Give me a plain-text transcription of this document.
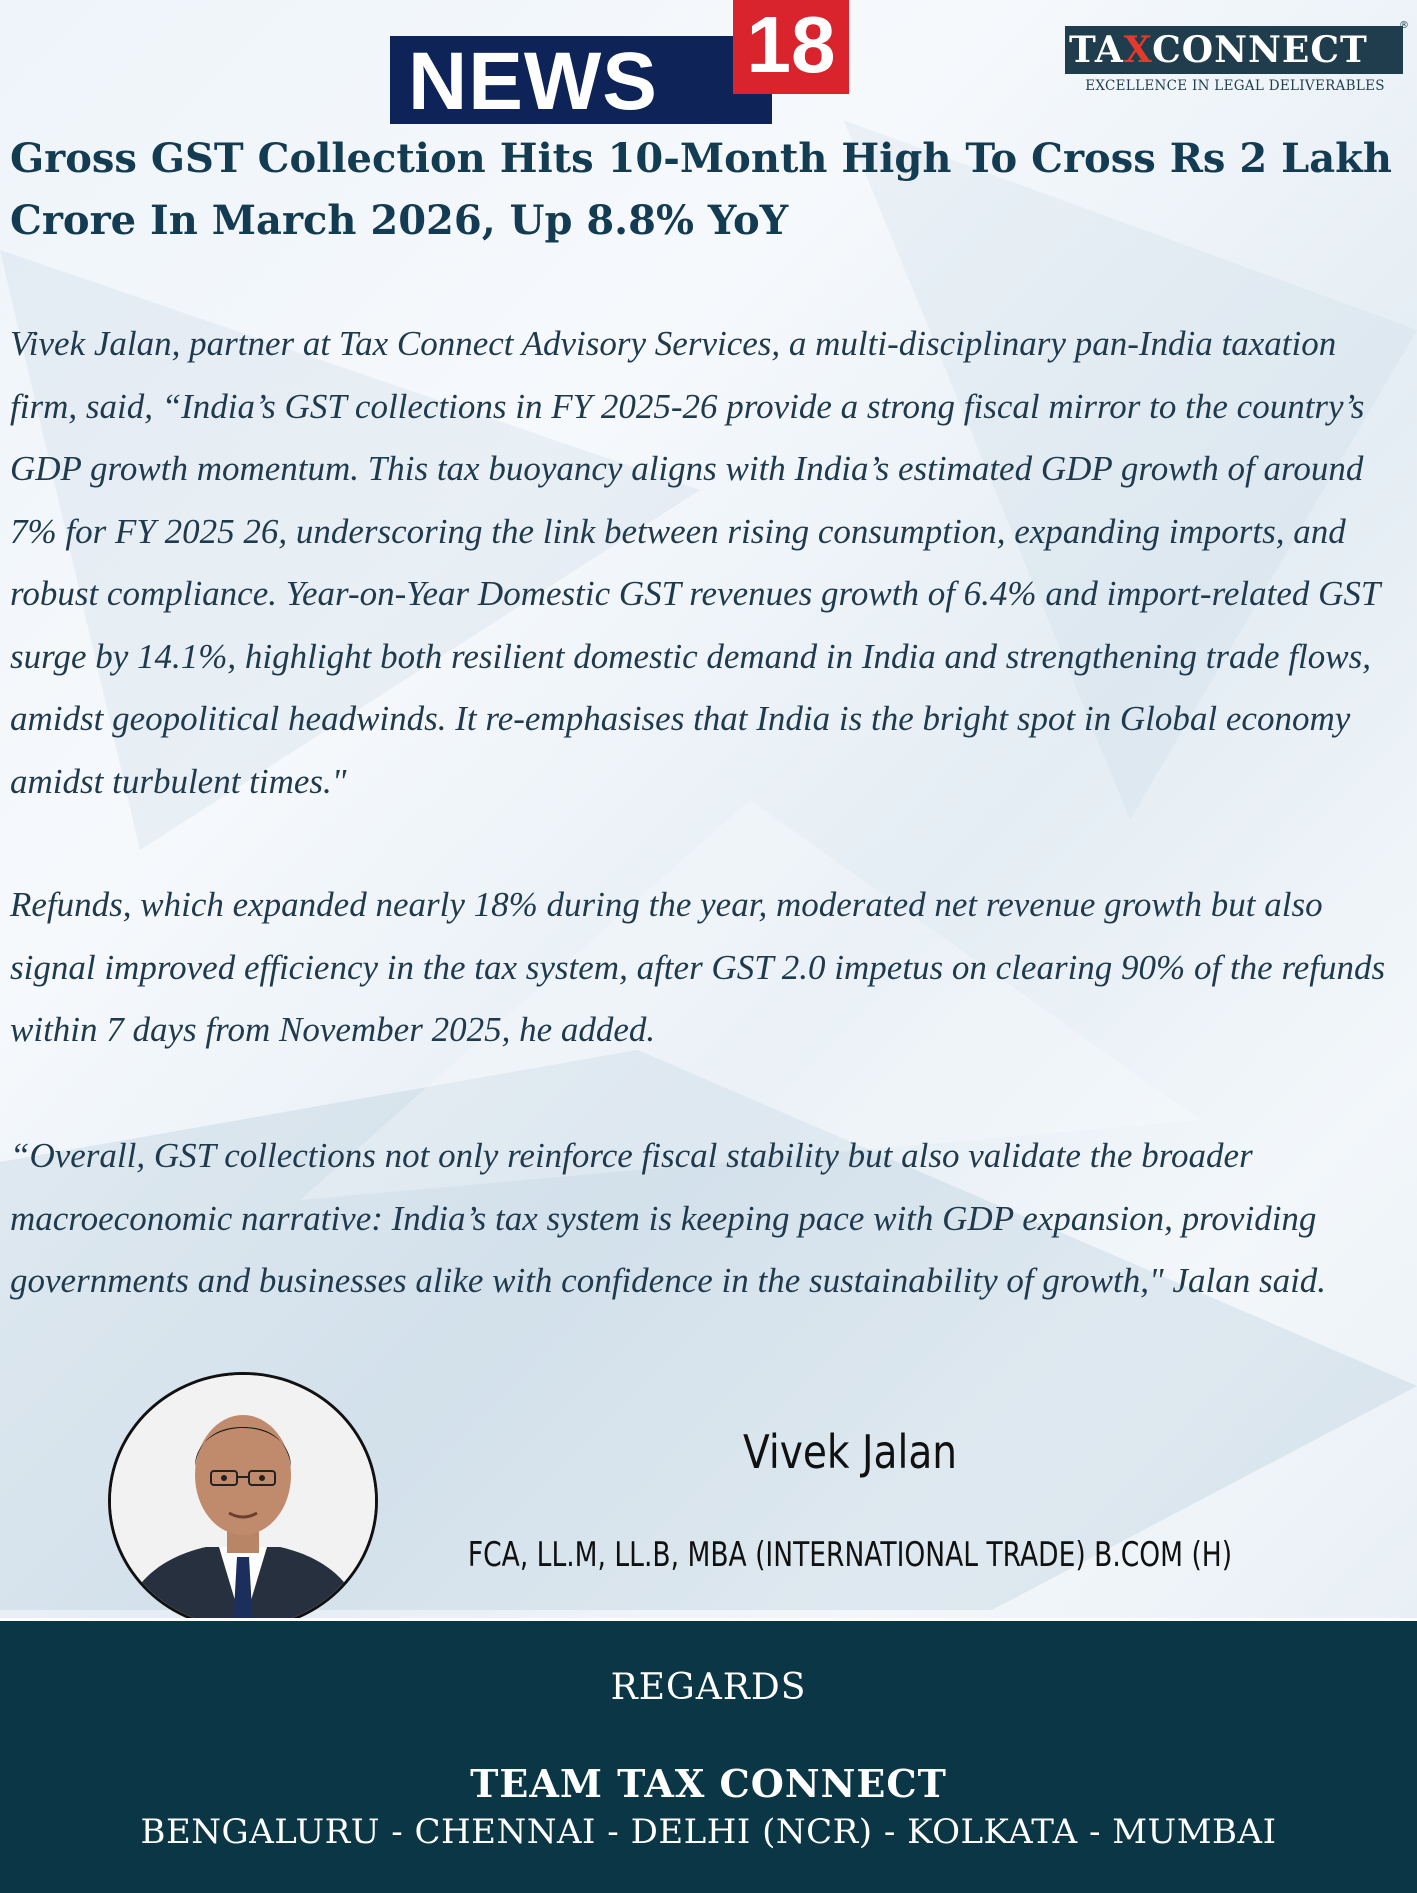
NEWS 18	TAXCONNECT
®
EXCELLENCE IN LEGAL DELIVERABLES
Gross GST Collection Hits 10-Month High To Cross Rs 2 Lakh Crore In March 2026, Up 8.8% YoY

Vivek Jalan, partner at Tax Connect Advisory Services, a multi-disciplinary pan-India taxation firm, said, “India’s GST collections in FY 2025-26 provide a strong fiscal mirror to the country’s GDP growth momentum. This tax buoyancy aligns with India’s estimated GDP growth of around 7% for FY 2025 26, underscoring the link between rising consumption, expanding imports, and robust compliance. Year-on-Year Domestic GST revenues growth of 6.4% and import-related GST surge by 14.1%, highlight both resilient domestic demand in India and strengthening trade flows, amidst geopolitical headwinds. It re-emphasises that India is the bright spot in Global economy amidst turbulent times."

Refunds, which expanded nearly 18% during the year, moderated net revenue growth but also signal improved efficiency in the tax system, after GST 2.0 impetus on clearing 90% of the refunds within 7 days from November 2025, he added.

“Overall, GST collections not only reinforce fiscal stability but also validate the broader macroeconomic narrative: India’s tax system is keeping pace with GDP expansion, providing governments and businesses alike with confidence in the sustainability of growth," Jalan said.

Vivek Jalan
FCA, LL.M, LL.B, MBA (INTERNATIONAL TRADE) B.COM (H)
REGARDS
TEAM TAX CONNECT
BENGALURU - CHENNAI - DELHI (NCR) - KOLKATA - MUMBAI
